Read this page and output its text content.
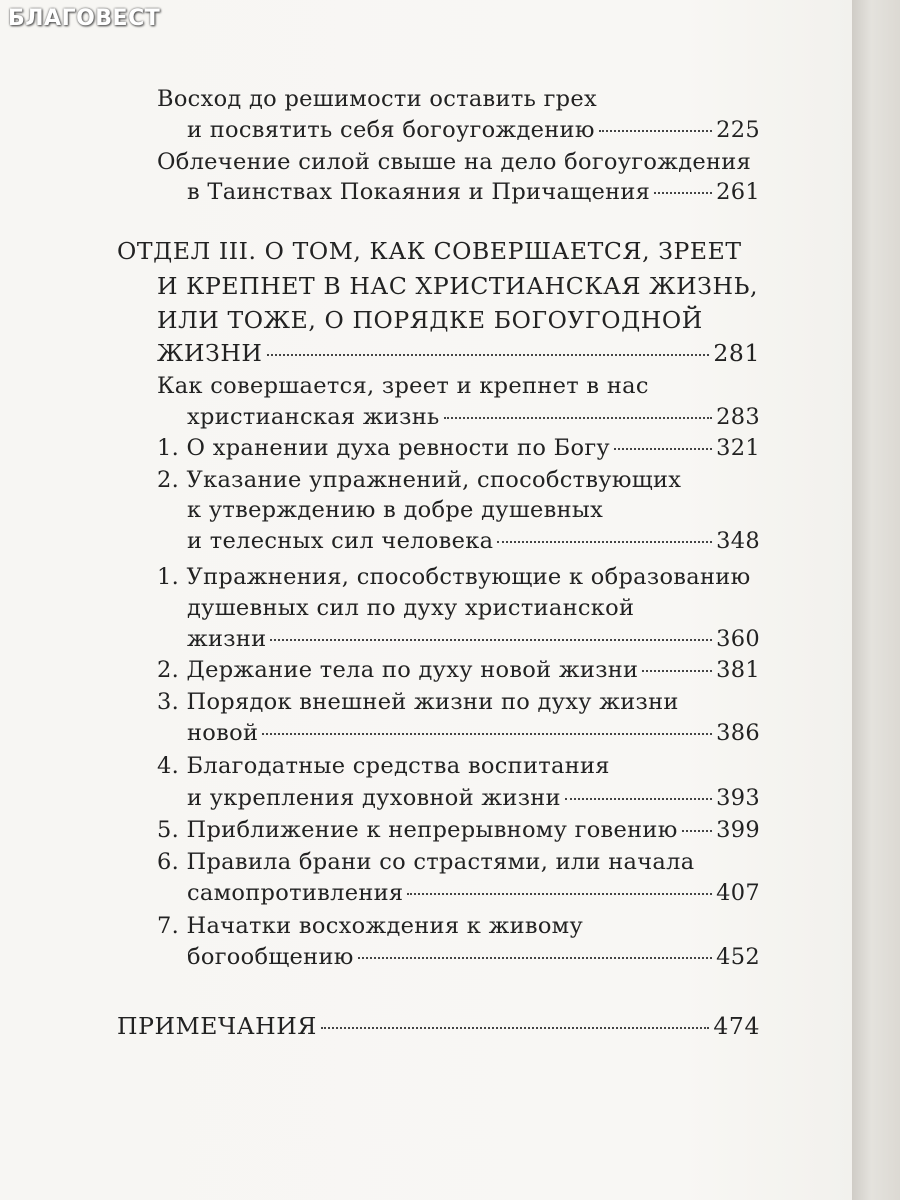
Восход до решимости оставить грех
и посвятить себя богоугождению	225
Облечение силой свыше на дело богоугождения
в Таинствах Покаяния и Причащения	261
ОТДЕЛ III. О ТОМ, КАК СОВЕРШАЕТСЯ, ЗРЕЕТ
И КРЕПНЕТ В НАС ХРИСТИАНСКАЯ ЖИЗНЬ,
ИЛИ ТОЖЕ, О ПОРЯДКЕ БОГОУГОДНОЙ
ЖИЗНИ	281
Как совершается, зреет и крепнет в нас
христианская жизнь	283
1. О хранении духа ревности по Богу	321
2. Указание упражнений, способствующих
к утверждению в добре душевных
и телесных сил человека	348
1. Упражнения, способствующие к образованию
душевных сил по духу христианской
жизни	360
2. Держание тела по духу новой жизни	381
3. Порядок внешней жизни по духу жизни
новой	386
4. Благодатные средства воспитания
и укрепления духовной жизни	393
5. Приближение к непрерывному говению 399
6. Правила брани со страстями, или начала
самопротивления	407
7. Начатки восхождения к живому
богообщению	452
ПРИМЕЧАНИЯ	474
БЛАГОВЕСТ
